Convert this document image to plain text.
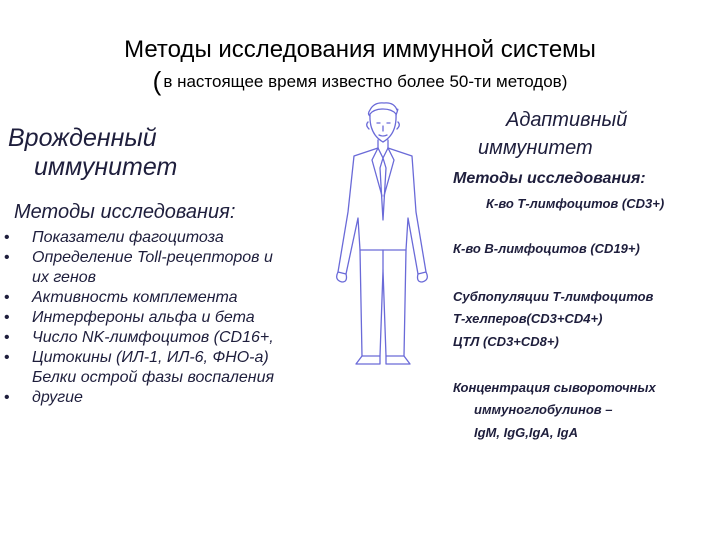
Методы исследования иммунной системы
( в настоящее время известно более 50-ти методов)
Врожденный
иммунитет
Методы исследования:
• Показатели фагоцитоза
• Определение Toll-рецепторов и
их генов
• Активность комплемента
• Интерфероны альфа и бета
• Число NK-лимфоцитов (CD16+,
• Цитокины (ИЛ-1, ИЛ-6, ФНО-а)
Белки острой фазы воспаления
• другие
Адаптивный
иммунитет
Методы исследования:
К-во Т-лимфоцитов (CD3+)
К-во В-лимфоцитов (CD19+)
Субпопуляции Т-лимфоцитов
Т-хелперов(CD3+CD4+)
ЦТЛ (CD3+CD8+)
Концентрация сывороточных
иммуноглобулинов –
IgM, IgG,IgA, IgA
